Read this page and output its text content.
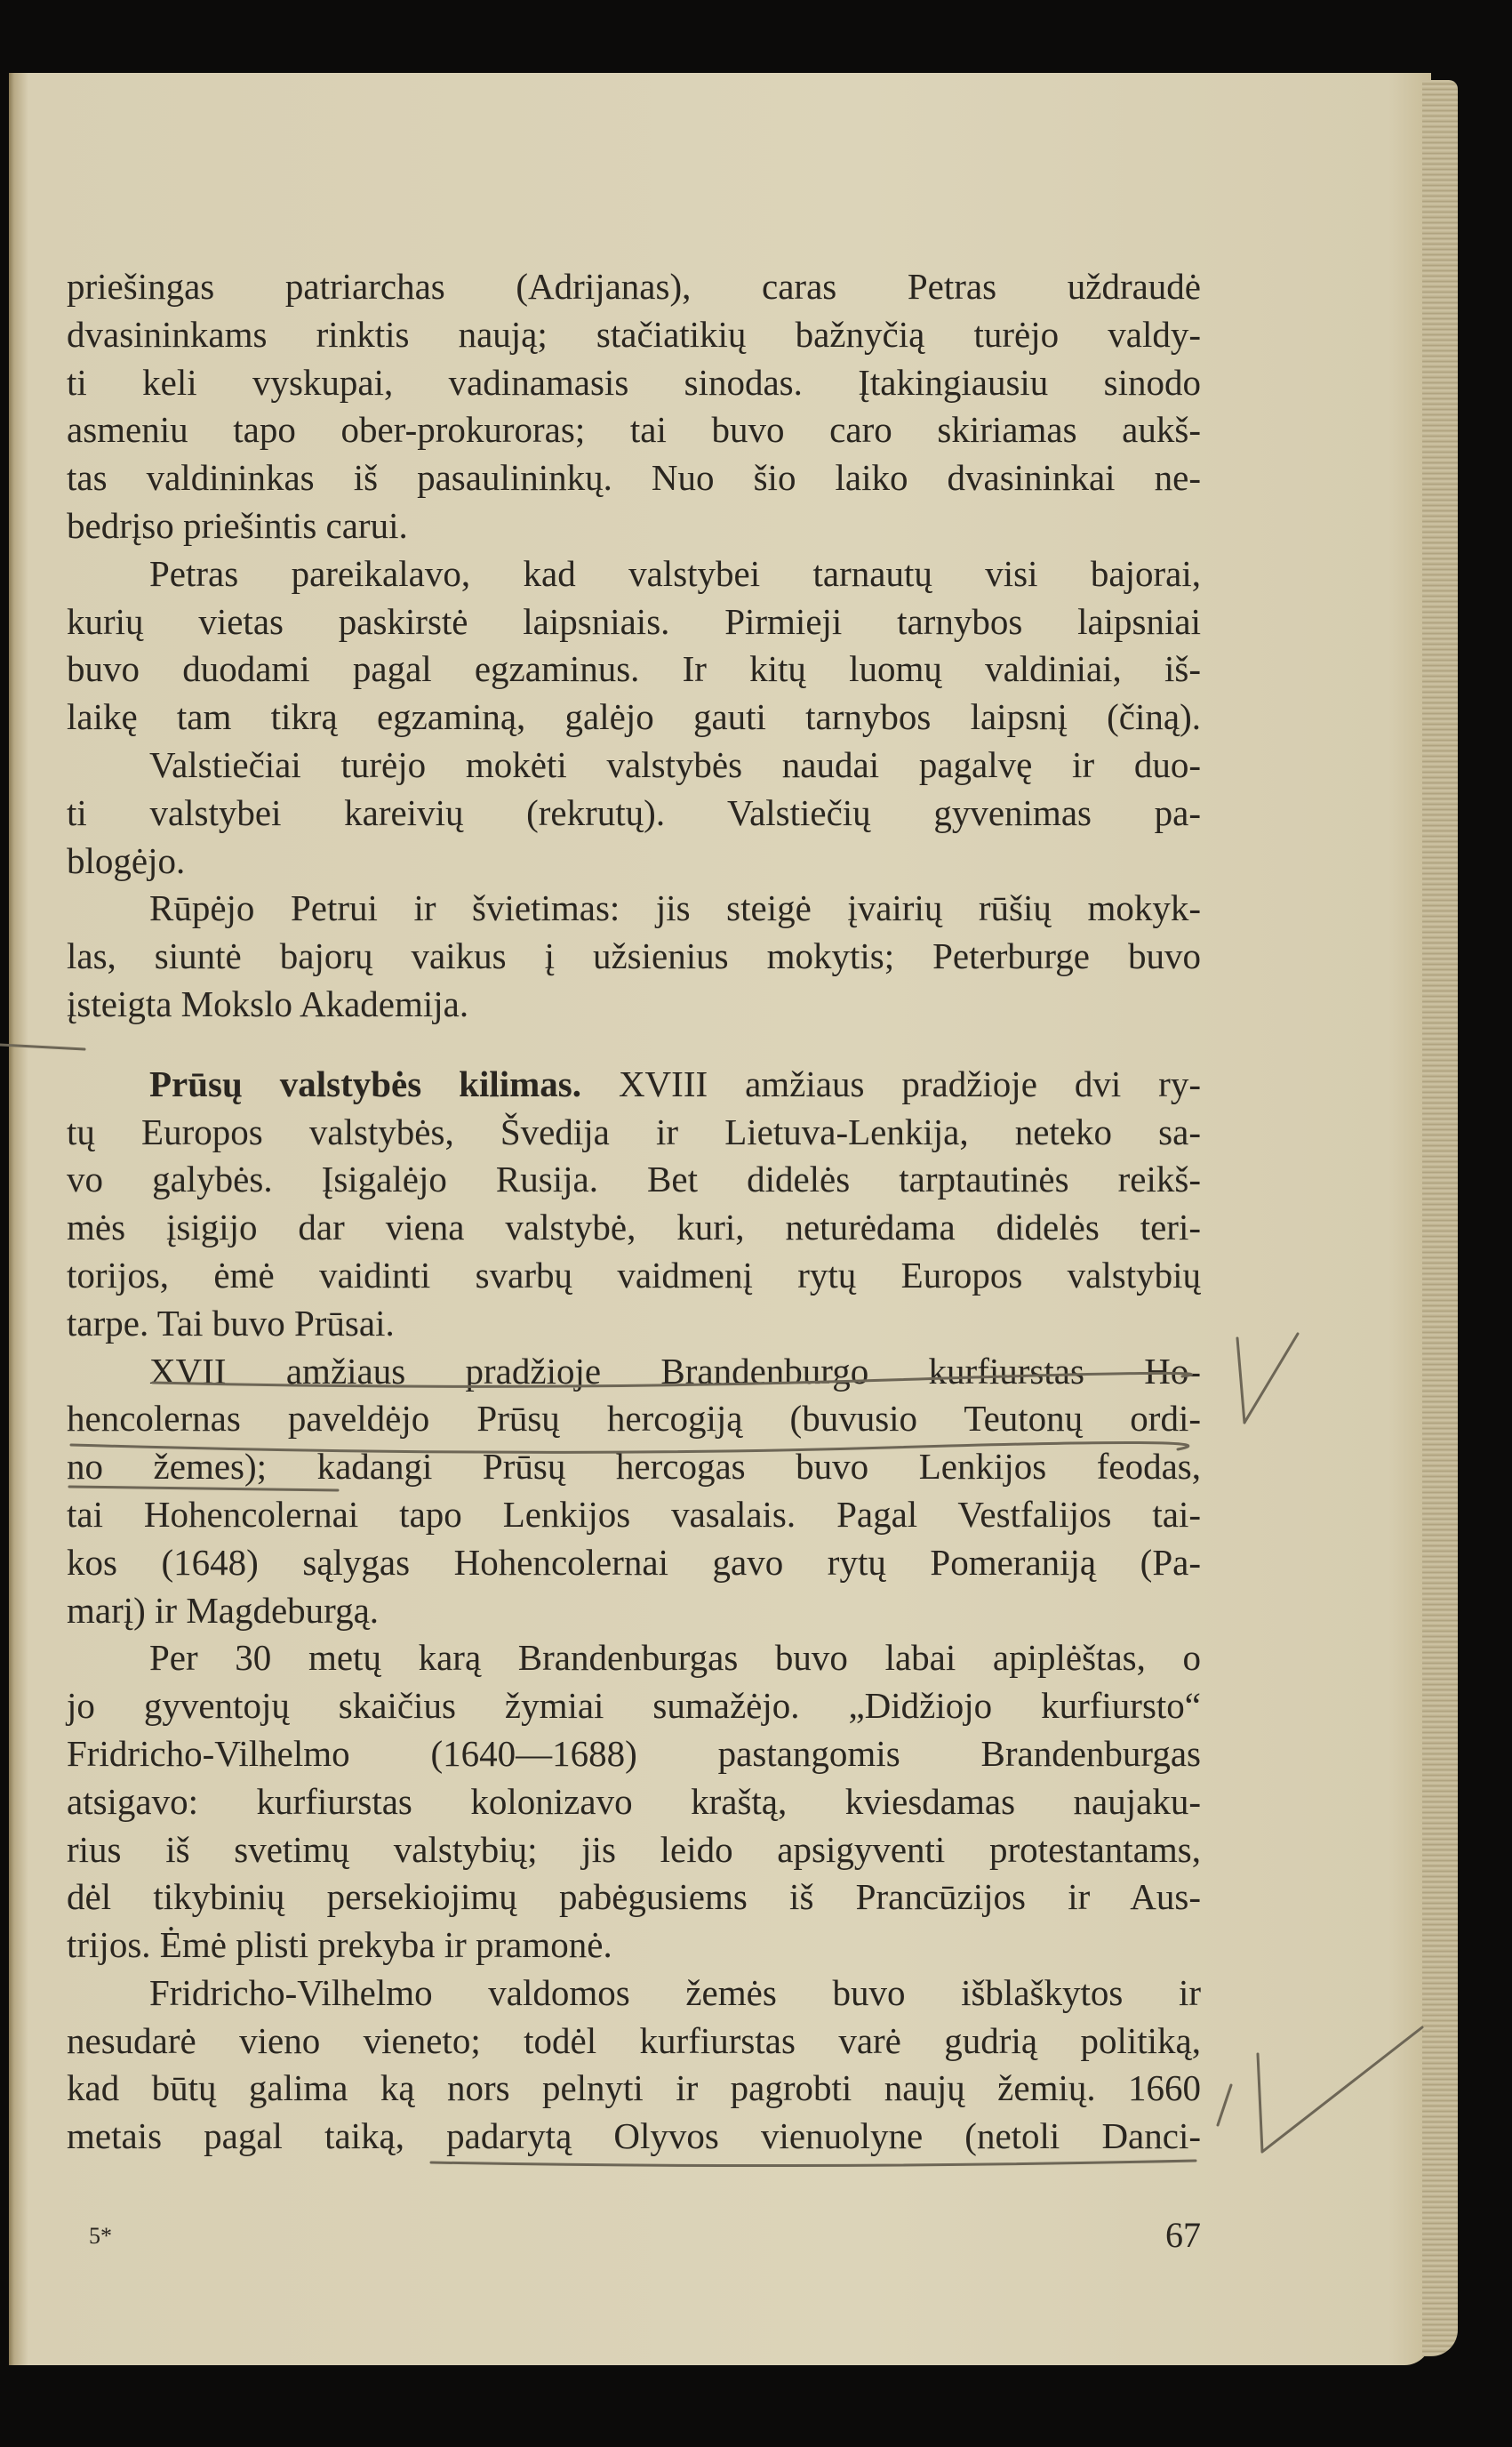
priešingas patriarchas (Adrijanas), caras Petras uždraudė
dvasininkams rinktis naują; stačiatikių bažnyčią turėjo valdy-
ti keli vyskupai, vadinamasis sinodas. Įtakingiausiu sinodo
asmeniu tapo ober-prokuroras; tai buvo caro skiriamas aukš-
tas valdininkas iš pasaulininkų. Nuo šio laiko dvasininkai ne-
bedrįso priešintis carui.
Petras pareikalavo, kad valstybei tarnautų visi bajorai,
kurių vietas paskirstė laipsniais. Pirmieji tarnybos laipsniai
buvo duodami pagal egzaminus. Ir kitų luomų valdiniai, iš-
laikę tam tikrą egzaminą, galėjo gauti tarnybos laipsnį (činą).
Valstiečiai turėjo mokėti valstybės naudai pagalvę ir duo-
ti valstybei kareivių (rekrutų). Valstiečių gyvenimas pa-
blogėjo.
Rūpėjo Petrui ir švietimas: jis steigė įvairių rūšių mokyk-
las, siuntė bajorų vaikus į užsienius mokytis; Peterburge buvo
įsteigta Mokslo Akademija.
Prūsų valstybės kilimas. XVIII amžiaus pradžioje dvi ry-
tų Europos valstybės, Švedija ir Lietuva-Lenkija, neteko sa-
vo galybės. Įsigalėjo Rusija. Bet didelės tarptautinės reikš-
mės įsigijo dar viena valstybė, kuri, neturėdama didelės teri-
torijos, ėmė vaidinti svarbų vaidmenį rytų Europos valstybių
tarpe. Tai buvo Prūsai.
XVII amžiaus pradžioje Brandenburgo kurfiurstas Ho-
hencolernas paveldėjo Prūsų hercogiją (buvusio Teutonų ordi-
no žemes); kadangi Prūsų hercogas buvo Lenkijos feodas,
tai Hohencolernai tapo Lenkijos vasalais. Pagal Vestfalijos tai-
kos (1648) sąlygas Hohencolernai gavo rytų Pomeraniją (Pa-
marį) ir Magdeburgą.
Per 30 metų karą Brandenburgas buvo labai apiplėštas, o
jo gyventojų skaičius žymiai sumažėjo. „Didžiojo kurfiursto“
Fridricho-Vilhelmo (1640—1688) pastangomis Brandenburgas
atsigavo: kurfiurstas kolonizavo kraštą, kviesdamas naujaku-
rius iš svetimų valstybių; jis leido apsigyventi protestantams,
dėl tikybinių persekiojimų pabėgusiems iš Prancūzijos ir Aus-
trijos. Ėmė plisti prekyba ir pramonė.
Fridricho-Vilhelmo valdomos žemės buvo išblaškytos ir
nesudarė vieno vieneto; todėl kurfiurstas varė gudrią politiką,
kad būtų galima ką nors pelnyti ir pagrobti naujų žemių. 1660
metais pagal taiką, padarytą Olyvos vienuolyne (netoli Danci-
5*	67
